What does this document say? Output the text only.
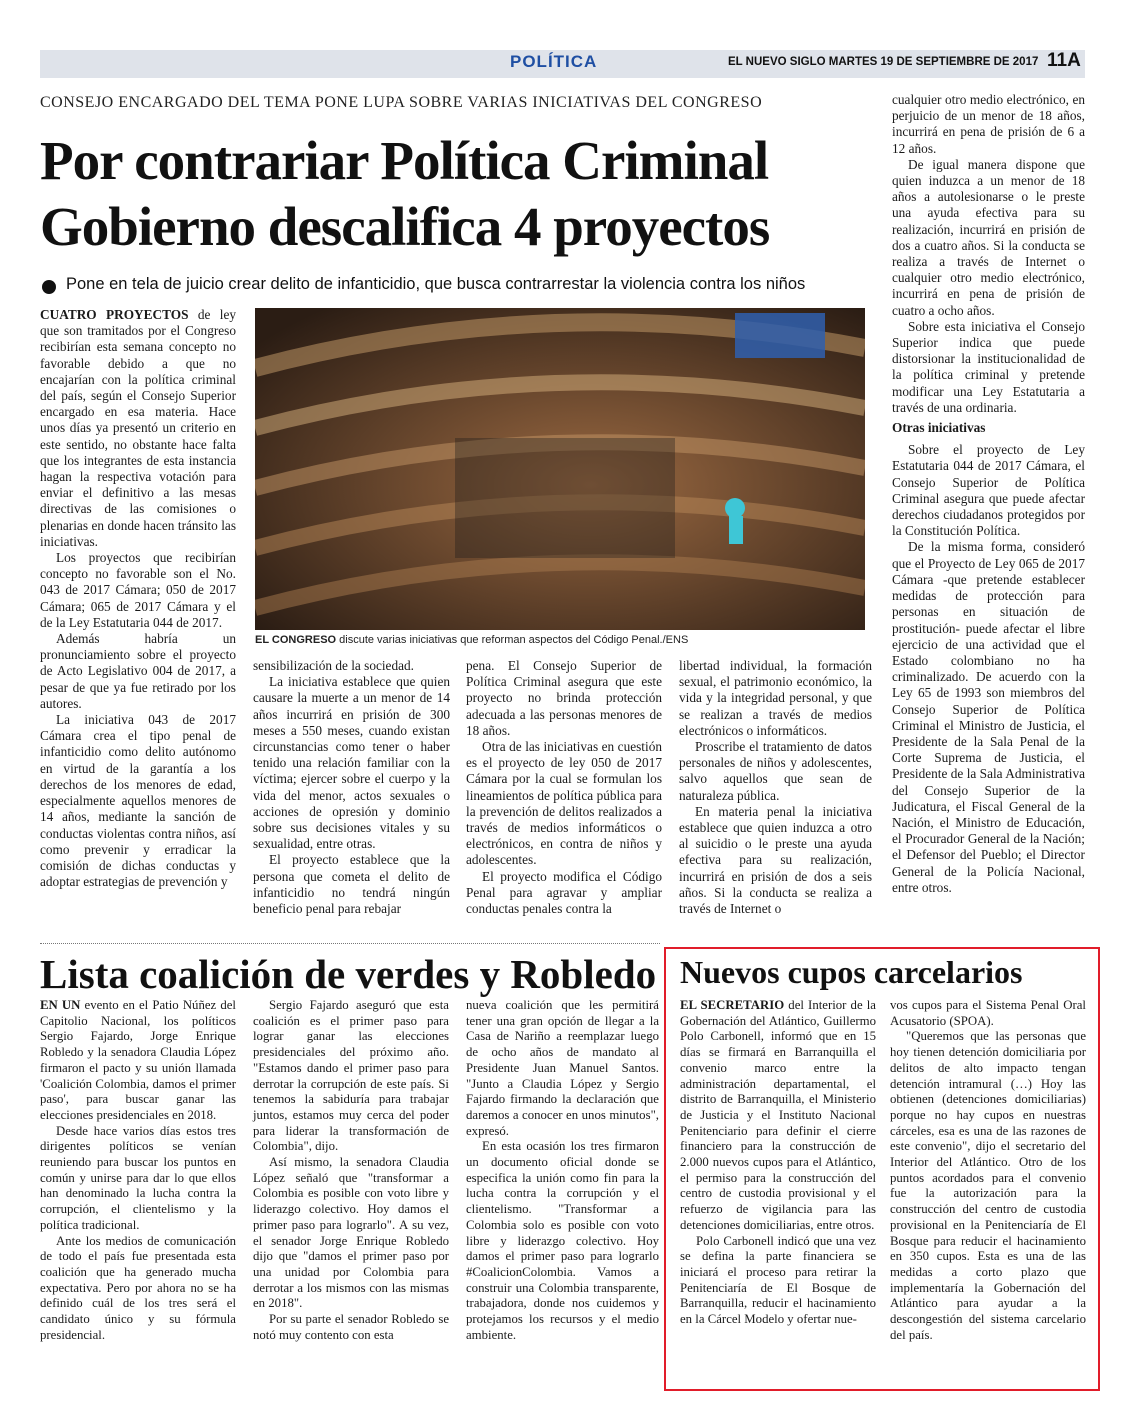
POLÍTICA	EL NUEVO SIGLO MARTES 19 DE SEPTIEMBRE DE 2017 11A
CONSEJO ENCARGADO DEL TEMA PONE LUPA SOBRE VARIAS INICIATIVAS DEL CONGRESO
Por contrariar Política Criminal
Gobierno descalifica 4 proyectos
Pone en tela de juicio crear delito de infanticidio, que busca contrarrestar la violencia contra los niños

CUATRO PROYECTOS de ley que son tramitados por el Congreso recibirían esta semana concepto no favorable debido a que no encajarían con la política criminal del país, según el Consejo Superior encargado en esa materia. Hace unos días ya presentó un criterio en este sentido, no obstante hace falta que los integrantes de esta instancia hagan la respectiva votación para enviar el definitivo a las mesas directivas de las comisiones o plenarias en donde hacen tránsito las iniciativas.

Los proyectos que recibirían concepto no favorable son el No. 043 de 2017 Cámara; 050 de 2017 Cámara; 065 de 2017 Cámara y el de la Ley Estatutaria 044 de 2017.

Además habría un pronunciamiento sobre el proyecto de Acto Legislativo 004 de 2017, a pesar de que ya fue retirado por los autores.

La iniciativa 043 de 2017 Cámara crea el tipo penal de infanticidio como delito autónomo en virtud de la garantía a los derechos de los menores de edad, especialmente aquellos menores de 14 años, mediante la sanción de conductas violentas contra niños, así como prevenir y erradicar la comisión de dichas conductas y adoptar estrategias de prevención y

EL CONGRESO discute varias iniciativas que reforman aspectos del Código Penal./ENS

sensibilización de la sociedad.

La iniciativa establece que quien causare la muerte a un menor de 14 años incurrirá en prisión de 300 meses a 550 meses, cuando existan circunstancias como tener o haber tenido una relación familiar con la víctima; ejercer sobre el cuerpo y la vida del menor, actos sexuales o acciones de opresión y dominio sobre sus decisiones vitales y su sexualidad, entre otras.

El proyecto establece que la persona que cometa el delito de infanticidio no tendrá ningún beneficio penal para rebajar

pena. El Consejo Superior de Política Criminal asegura que este proyecto no brinda protección adecuada a las personas menores de 18 años.

Otra de las iniciativas en cuestión es el proyecto de ley 050 de 2017 Cámara por la cual se formulan los lineamientos de política pública para la prevención de delitos realizados a través de medios informáticos o electrónicos, en contra de niños y adolescentes.

El proyecto modifica el Código Penal para agravar y ampliar conductas penales contra la

libertad individual, la formación sexual, el patrimonio económico, la vida y la integridad personal, y que se realizan a través de medios electrónicos o informáticos.

Proscribe el tratamiento de datos personales de niños y adolescentes, salvo aquellos que sean de naturaleza pública.

En materia penal la iniciativa establece que quien induzca a otro al suicidio o le preste una ayuda efectiva para su realización, incurrirá en prisión de dos a seis años. Si la conducta se realiza a través de Internet o

cualquier otro medio electrónico, en perjuicio de un menor de 18 años, incurrirá en pena de prisión de 6 a 12 años.

De igual manera dispone que quien induzca a un menor de 18 años a autolesionarse o le preste una ayuda efectiva para su realización, incurrirá en prisión de dos a cuatro años. Si la conducta se realiza a través de Internet o cualquier otro medio electrónico, incurrirá en pena de prisión de cuatro a ocho años.

Sobre esta iniciativa el Consejo Superior indica que puede distorsionar la institucionalidad de la política criminal y pretende modificar una Ley Estatutaria a través de una ordinaria.

Otras iniciativas

Sobre el proyecto de Ley Estatutaria 044 de 2017 Cámara, el Consejo Superior de Política Criminal asegura que puede afectar derechos ciudadanos protegidos por la Constitución Política.

De la misma forma, consideró que el Proyecto de Ley 065 de 2017 Cámara -que pretende establecer medidas de protección para personas en situación de prostitución- puede afectar el libre ejercicio de una actividad que el Estado colombiano no ha criminalizado. De acuerdo con la Ley 65 de 1993 son miembros del Consejo Superior de Política Criminal el Ministro de Justicia, el Presidente de la Sala Penal de la Corte Suprema de Justicia, el Presidente de la Sala Administrativa del Consejo Superior de la Judicatura, el Fiscal General de la Nación, el Ministro de Educación, el Procurador General de la Nación; el Defensor del Pueblo; el Director General de la Policía Nacional, entre otros.

Lista coalición de verdes y Robledo

EN UN evento en el Patio Núñez del Capitolio Nacional, los políticos Sergio Fajardo, Jorge Enrique Robledo y la senadora Claudia López firmaron el pacto y su unión llamada 'Coalición Colombia, damos el primer paso', para buscar ganar las elecciones presidenciales en 2018.

Desde hace varios días estos tres dirigentes políticos se venían reuniendo para buscar los puntos en común y unirse para dar lo que ellos han denominado la lucha contra la corrupción, el clientelismo y la política tradicional.

Ante los medios de comunicación de todo el país fue presentada esta coalición que ha generado mucha expectativa. Pero por ahora no se ha definido cuál de los tres será el candidato único y su fórmula presidencial.

Sergio Fajardo aseguró que esta coalición es el primer paso para lograr ganar las elecciones presidenciales del próximo año. "Estamos dando el primer paso para derrotar la corrupción de este país. Si tenemos la sabiduría para trabajar juntos, estamos muy cerca del poder para liderar la transformación de Colombia", dijo.

Así mismo, la senadora Claudia López señaló que "transformar a Colombia es posible con voto libre y liderazgo colectivo. Hoy damos el primer paso para lograrlo". A su vez, el senador Jorge Enrique Robledo dijo que "damos el primer paso por una unidad por Colombia para derrotar a los mismos con las mismas en 2018".

Por su parte el senador Robledo se notó muy contento con esta

nueva coalición que les permitirá tener una gran opción de llegar a la Casa de Nariño a reemplazar luego de ocho años de mandato al Presidente Juan Manuel Santos. "Junto a Claudia López y Sergio Fajardo firmando la declaración que daremos a conocer en unos minutos", expresó.

En esta ocasión los tres firmaron un documento oficial donde se especifica la unión como fin para la lucha contra la corrupción y el clientelismo. "Transformar a Colombia solo es posible con voto libre y liderazgo colectivo. Hoy damos el primer paso para lograrlo #CoalicionColombia. Vamos a construir una Colombia transparente, trabajadora, donde nos cuidemos y protejamos los recursos y el medio ambiente.

Nuevos cupos carcelarios

EL SECRETARIO del Interior de la Gobernación del Atlántico, Guillermo Polo Carbonell, informó que en 15 días se firmará en Barranquilla el convenio marco entre la administración departamental, el distrito de Barranquilla, el Ministerio de Justicia y el Instituto Nacional Penitenciario para definir el cierre financiero para la construcción de 2.000 nuevos cupos para el Atlántico, el permiso para la construcción del centro de custodia provisional y el refuerzo de vigilancia para las detenciones domiciliarias, entre otros.

Polo Carbonell indicó que una vez se defina la parte financiera se iniciará el proceso para retirar la Penitenciaría de El Bosque de Barranquilla, reducir el hacinamiento en la Cárcel Modelo y ofertar nue-

vos cupos para el Sistema Penal Oral Acusatorio (SPOA).

"Queremos que las personas que hoy tienen detención domiciliaria por delitos de alto impacto tengan detención intramural (…) Hoy las obtienen (detenciones domiciliarias) porque no hay cupos en nuestras cárceles, esa es una de las razones de este convenio", dijo el secretario del Interior del Atlántico. Otro de los puntos acordados para el convenio fue la autorización para la construcción del centro de custodia provisional en la Penitenciaría de El Bosque para reducir el hacinamiento en 350 cupos. Esta es una de las medidas a corto plazo que implementaría la Gobernación del Atlántico para ayudar a la descongestión del sistema carcelario del país.
